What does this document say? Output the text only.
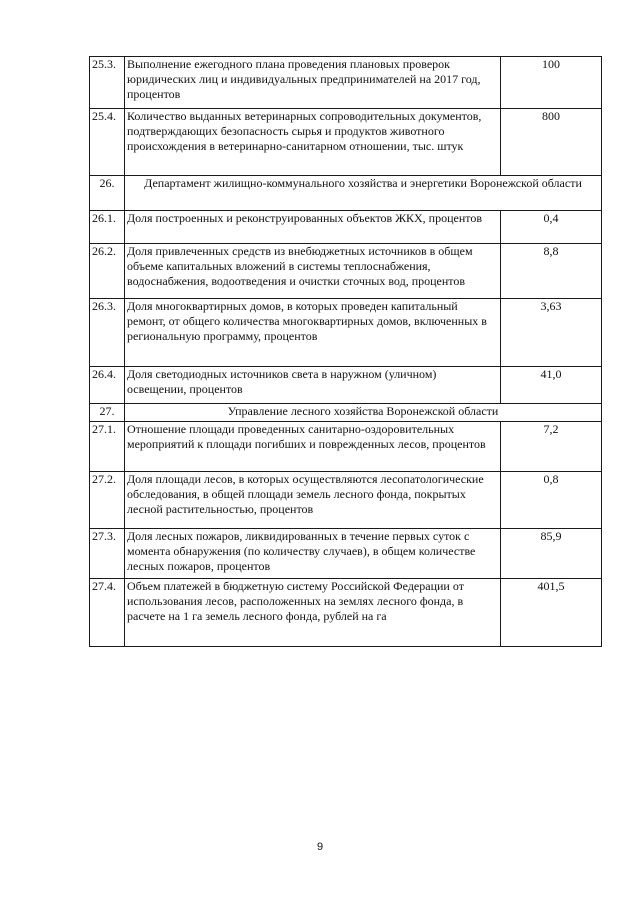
25.3.	Выполнение ежегодного плана проведения плановых проверок юридических лиц и индивидуальных предпринимателей на 2017 год, процентов	100
25.4.	Количество выданных ветеринарных сопроводительных документов, подтверждающих безопасность сырья и продуктов животного происхождения в ветеринарно-санитарном отношении, тыс. штук	800
26.	Департамент жилищно-коммунального хозяйства и энергетики Воронежской области	
26.1.	Доля построенных и реконструированных объектов ЖКХ, процентов	0,4
26.2.	Доля привлеченных средств из внебюджетных источников в общем объеме капитальных вложений в системы теплоснабжения, водоснабжения, водоотведения и очистки сточных вод, процентов	8,8
26.3.	Доля многоквартирных домов, в которых проведен капитальный ремонт, от общего количества многоквартирных домов, включенных в региональную программу, процентов	3,63
26.4.	Доля светодиодных источников света в наружном (уличном) освещении, процентов	41,0
27.	Управление лесного хозяйства Воронежской области	
27.1.	Отношение площади проведенных санитарно-оздоровительных мероприятий к площади погибших и поврежденных лесов, процентов	7,2
27.2.	Доля площади лесов, в которых осуществляются лесопатологические обследования, в общей площади земель лесного фонда, покрытых лесной растительностью, процентов	0,8
27.3.	Доля лесных пожаров, ликвидированных в течение первых суток с момента обнаружения (по количеству случаев), в общем количестве лесных пожаров, процентов	85,9
27.4.	Объем платежей в бюджетную систему Российской Федерации от использования лесов, расположенных на землях лесного фонда, в расчете на 1 га земель лесного фонда, рублей на га	401,5
9
